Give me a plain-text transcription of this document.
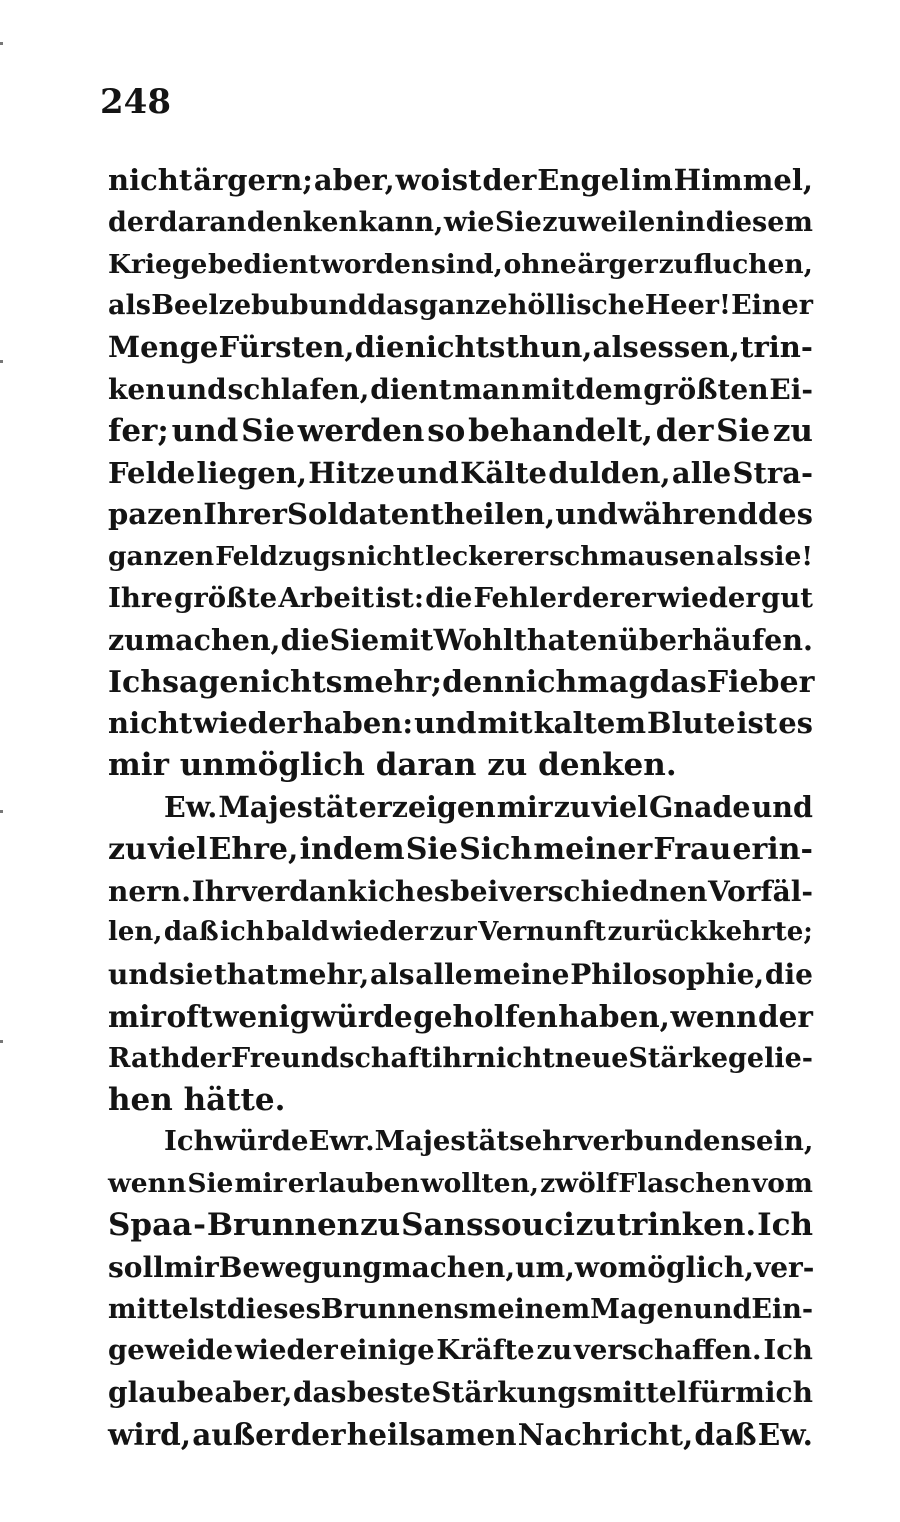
248
nicht ärgern; aber, wo ist der Engel im Himmel,
der daran denken kann, wie Sie zuweilen in diesem
Kriege bedient worden sind, ohne ärger zu fluchen,
als Beelzebub und das ganze höllische Heer! Einer
Menge Fürsten, die nichts thun, als essen, trin-
ken und schlafen, dient man mit dem größten Ei-
fer; und Sie werden so behandelt, der Sie zu
Felde liegen, Hitze und Kälte dulden, alle Stra-
pazen Ihrer Soldaten theilen, und während des
ganzen Feldzugs nicht leckerer schmausen als sie!
Ihre größte Arbeit ist: die Fehler derer wieder gut
zu machen, die Sie mit Wohlthaten überhäufen.
Ich sage nichts mehr; denn ich mag das Fieber
nicht wieder haben: und mit kaltem Blute ist es
mir unmöglich daran zu denken.
Ew. Majestät erzeigen mir zu viel Gnade und
zu viel Ehre, indem Sie Sich meiner Frau erin-
nern. Ihr verdank ich es bei verschiednen Vorfäl-
len, daß ich bald wieder zur Vernunft zurückkehrte;
und sie that mehr, als alle meine Philosophie, die
mir oft wenig würde geholfen haben, wenn der
Rath der Freundschaft ihr nicht neue Stärke gelie-
hen hätte.
Ich würde Ewr. Majestät sehr verbunden sein,
wenn Sie mir erlauben wollten, zwölf Flaschen vom
Spaa - Brunnen zu Sanssouci zu trinken. Ich
soll mir Bewegung machen, um, wo möglich, ver-
mittelst dieses Brunnens meinem Magen und Ein-
geweide wieder einige Kräfte zu verschaffen. Ich
glaube aber, das beste Stärkungsmittel für mich
wird, außer der heilsamen Nachricht, daß Ew.
